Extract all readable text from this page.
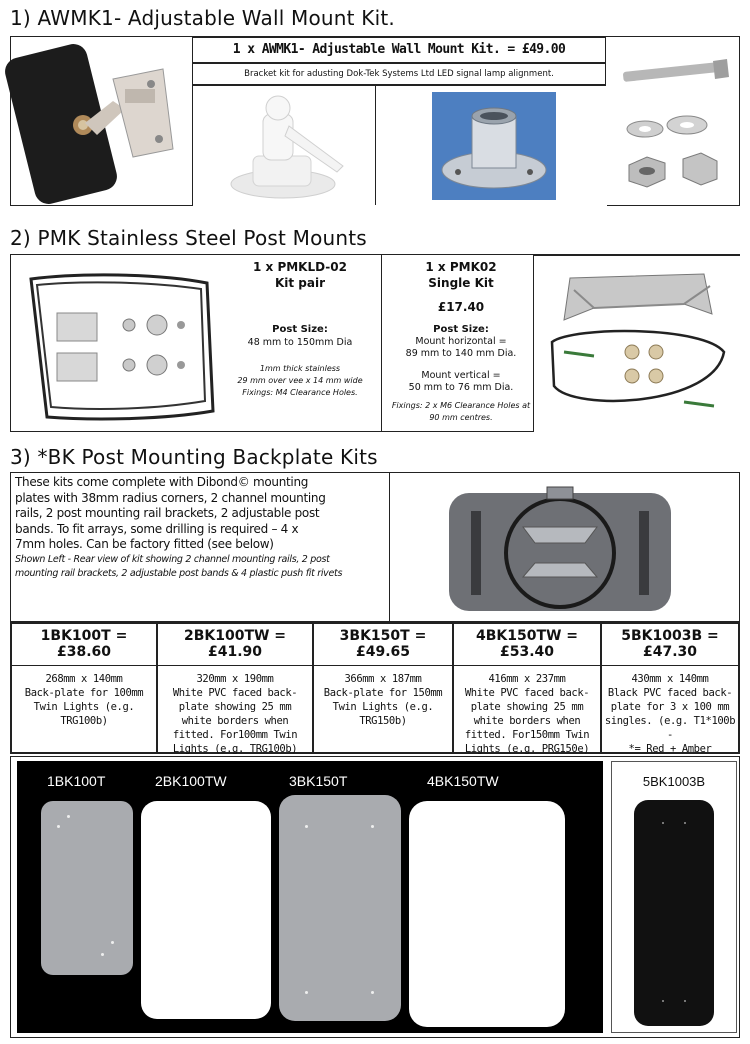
1) AWMK1- Adjustable Wall Mount Kit.
1 x AWMK1- Adjustable Wall Mount Kit. = £49.00
Bracket kit for adusting Dok-Tek Systems Ltd LED signal lamp alignment.
2) PMK Stainless Steel Post Mounts
1 x PMKLD-02
Kit pair
Post Size:
48 mm to 150mm Dia
1mm thick stainless
29 mm over vee x 14 mm wide
Fixings: M4 Clearance Holes.
1 x PMK02
Single Kit
£17.40
Post Size:
Mount horizontal =
89 mm to 140 mm Dia.
Mount vertical =
50 mm to 76 mm Dia.
Fixings: 2 x M6 Clearance Holes at
90 mm centres.
3) *BK Post Mounting Backplate Kits
These kits come complete with Dibond© mounting
plates with 38mm radius corners, 2 channel mounting
rails, 2 post mounting rail brackets, 2 adjustable post
bands. To fit arrays, some drilling is required – 4 x
7mm holes. Can be factory fitted (see below)
Shown Left - Rear view of kit showing 2 channel mounting rails, 2 post
mounting rail brackets, 2 adjustable post bands & 4 plastic push fit rivets
1BK100T = £38.60
268mm x 140mm
Back-plate for 100mm
Twin Lights (e.g.
TRG100b)
2BK100TW = £41.90
320mm x 190mm
White PVC faced back-
plate showing 25 mm
white borders when
fitted. For100mm Twin
Lights (e.g. TRG100b)
3BK150T = £49.65
366mm x 187mm
Back-plate for 150mm
Twin Lights (e.g.
TRG150b)
4BK150TW = £53.40
416mm x 237mm
White PVC faced back-
plate showing 25 mm
white borders when
fitted. For150mm Twin
Lights (e.g. PRG150e)
5BK1003B = £47.30
430mm x 140mm
Black PVC faced back-
plate for 3 x 100 mm
singles. (e.g. T1*100b -
*= Red + Amber
1BK100T	2BK100TW	3BK150T	4BK150TW	5BK1003B
